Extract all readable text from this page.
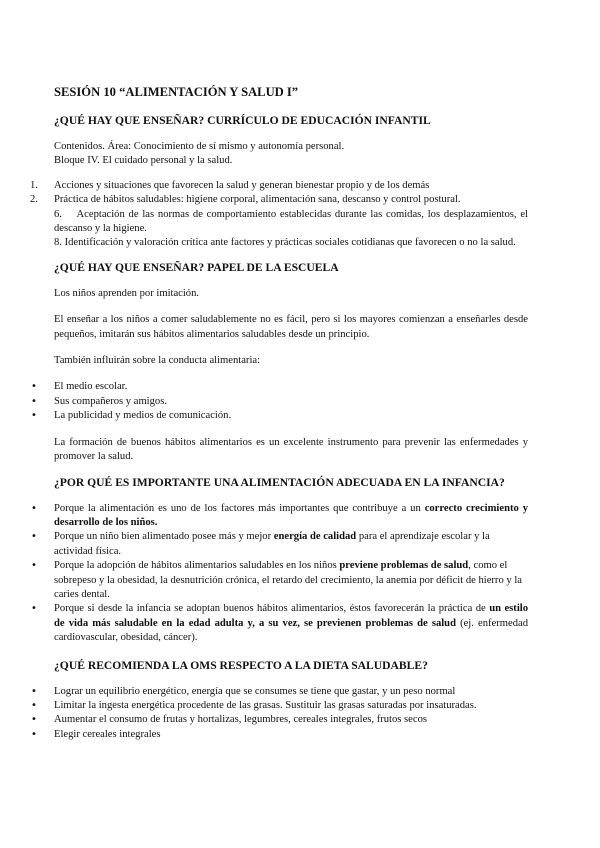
SESIÓN 10 “ALIMENTACIÓN Y SALUD I”
¿QUÉ HAY QUE ENSEÑAR? CURRÍCULO DE EDUCACIÓN INFANTIL

Contenidos. Área: Conocimiento de sí mismo y autonomía personal.
Bloque IV. El cuidado personal y la salud.

1. Acciones y situaciones que favorecen la salud y generan bienestar propio y de los demás
2. Práctica de hábitos saludables: higiene corporal, alimentación sana, descanso y control postural.
6.    Aceptación de las normas de comportamiento establecidas durante las comidas, los desplazamientos, el descanso y la higiene.
8. Identificación y valoración crítica ante factores y prácticas sociales cotidianas que favorecen o no la salud.
¿QUÉ HAY QUE ENSEÑAR? PAPEL DE LA ESCUELA

Los niños aprenden por imitación.

El enseñar a los niños a comer saludablemente no es fácil, pero si los mayores comienzan a enseñarles desde pequeños, imitarán sus hábitos alimentarios saludables desde un principio.

También influirán sobre la conducta alimentaria:

•
El medio escolar.
•
Sus compañeros y amigos.
•
La publicidad y medios de comunicación.

La formación de buenos hábitos alimentarios es un excelente instrumento para prevenir las enfermedades y promover la salud.

¿POR QUÉ ES IMPORTANTE UNA ALIMENTACIÓN ADECUADA EN LA INFANCIA?
•
Porque la alimentación es uno de los factores más importantes que contribuye a un correcto crecimiento y desarrollo de los niños.
•
Porque un niño bien alimentado posee más y mejor energía de calidad para el aprendizaje escolar y la actividad física.
•
Porque la adopción de hábitos alimentarios saludables en los niños previene problemas de salud, como el sobrepeso y la obesidad, la desnutrición crónica, el retardo del crecimiento, la anemia por déficit de hierro y la caries dental.
•
Porque si desde la infancia se adoptan buenos hábitos alimentarios, éstos favorecerán la práctica de un estilo de vida más saludable en la edad adulta y, a su vez, se previenen problemas de salud (ej. enfermedad cardiovascular, obesidad, cáncer).
¿QUÉ RECOMIENDA LA OMS RESPECTO A LA DIETA SALUDABLE?
•
Lograr un equilibrio energético, energía que se consumes se tiene que gastar, y un peso normal
•
Limitar la ingesta energética procedente de las grasas. Sustituir las grasas saturadas por insaturadas.
•
Aumentar el consumo de frutas y hortalizas, legumbres, cereales integrales, frutos secos
•
Elegir cereales integrales
